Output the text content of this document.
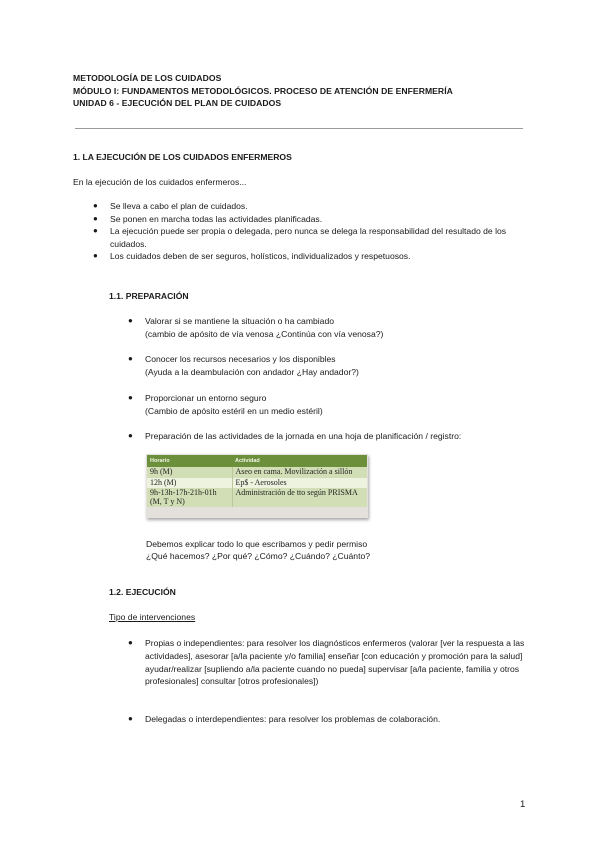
METODOLOGÍA DE LOS CUIDADOS
MÓDULO I: FUNDAMENTOS METODOLÓGICOS. PROCESO DE ATENCIÓN DE ENFERMERÍA
UNIDAD 6 - EJECUCIÓN DEL PLAN DE CUIDADOS
1. LA EJECUCIÓN DE LOS CUIDADOS ENFERMEROS
En la ejecución de los cuidados enfermeros...
● Se lleva a cabo el plan de cuidados.
● Se ponen en marcha todas las actividades planificadas.
● La ejecución puede ser propia o delegada, pero nunca se delega la responsabilidad del resultado de los cuidados.
● Los cuidados deben de ser seguros, holísticos, individualizados y respetuosos.
1.1. PREPARACIÓN
● Valorar si se mantiene la situación o ha cambiado
(cambio de apósito de vía venosa ¿Continúa con vía venosa?)
● Conocer los recursos necesarios y los disponibles
(Ayuda a la deambulación con andador ¿Hay andador?)
● Proporcionar un entorno seguro
(Cambio de apósito estéril en un medio estéril)
● Preparación de las actividades de la jornada en una hoja de planificación / registro:
Horario	Actividad
9h (M)	Aseo en cama. Movilización a sillón
12h (M)	Ep$ - Aerosoles
9h-13h-17h-21h-01h (M, T y N)	Administración de tto según PRISMA
Debemos explicar todo lo que escribamos y pedir permiso
¿Qué hacemos? ¿Por qué? ¿Cómo? ¿Cuándo? ¿Cuánto?
1.2. EJECUCIÓN
Tipo de intervenciones
●	Propias o independientes: para resolver los diagnósticos enfermeros (valorar [ver la respuesta a las actividades], asesorar [a/la paciente y/o familia] enseñar [con educación y promoción para la salud] ayudar/realizar [supliendo a/la paciente cuando no pueda] supervisar [a/la paciente, familia y otros profesionales] consultar [otros profesionales])
●	Delegadas o interdependientes: para resolver los problemas de colaboración.
1
